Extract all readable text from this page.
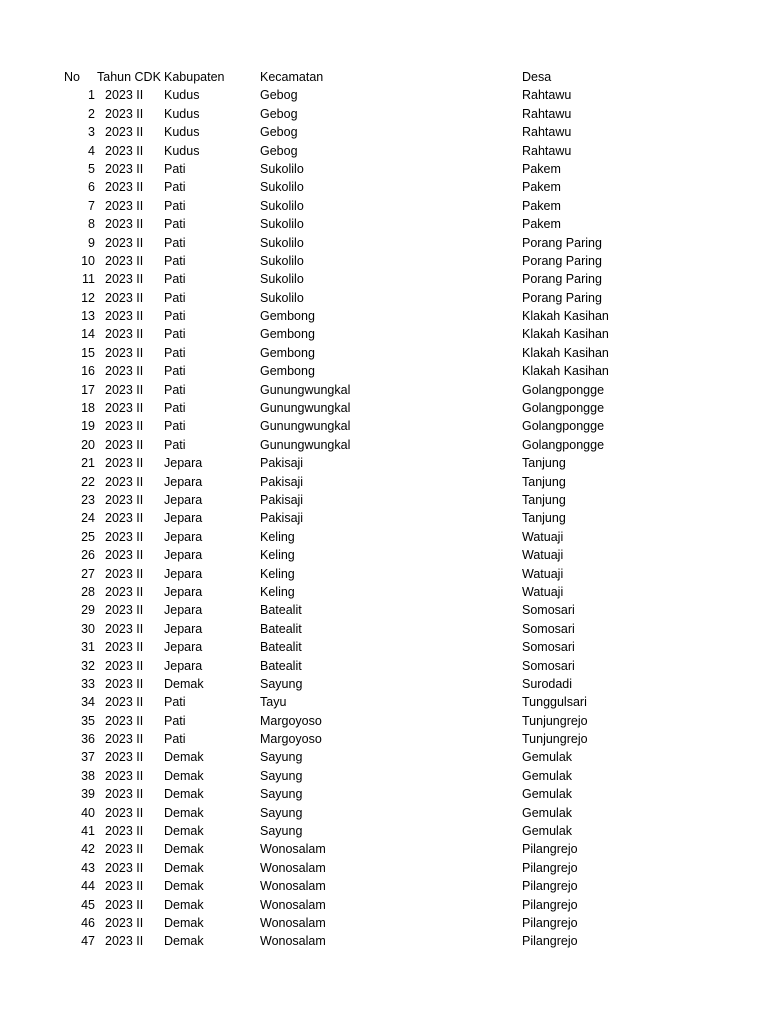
No Tahun CDK Kabupaten	Kecamatan	Desa
1 2023 II Kudus	Gebog	Rahtawu
2 2023 II Kudus	Gebog	Rahtawu
3 2023 II Kudus	Gebog	Rahtawu
4 2023 II Kudus	Gebog	Rahtawu
5 2023 II Pati	Sukolilo	Pakem
6 2023 II Pati	Sukolilo	Pakem
7 2023 II Pati	Sukolilo	Pakem
8 2023 II Pati	Sukolilo	Pakem
9 2023 II Pati	Sukolilo	Porang Paring
10 2023 II Pati	Sukolilo	Porang Paring
11 2023 II Pati	Sukolilo	Porang Paring
12 2023 II Pati	Sukolilo	Porang Paring
13 2023 II Pati	Gembong	Klakah Kasihan
14 2023 II Pati	Gembong	Klakah Kasihan
15 2023 II Pati	Gembong	Klakah Kasihan
16 2023 II Pati	Gembong	Klakah Kasihan
17 2023 II Pati	Gunungwungkal	Golangpongge
18 2023 II Pati	Gunungwungkal	Golangpongge
19 2023 II Pati	Gunungwungkal	Golangpongge
20 2023 II Pati	Gunungwungkal	Golangpongge
21 2023 II Jepara	Pakisaji	Tanjung
22 2023 II Jepara	Pakisaji	Tanjung
23 2023 II Jepara	Pakisaji	Tanjung
24 2023 II Jepara	Pakisaji	Tanjung
25 2023 II Jepara	Keling	Watuaji
26 2023 II Jepara	Keling	Watuaji
27 2023 II Jepara	Keling	Watuaji
28 2023 II Jepara	Keling	Watuaji
29 2023 II Jepara	Batealit	Somosari
30 2023 II Jepara	Batealit	Somosari
31 2023 II Jepara	Batealit	Somosari
32 2023 II Jepara	Batealit	Somosari
33 2023 II Demak	Sayung	Surodadi
34 2023 II Pati	Tayu	Tunggulsari
35 2023 II Pati	Margoyoso	Tunjungrejo
36 2023 II Pati	Margoyoso	Tunjungrejo
37 2023 II Demak	Sayung	Gemulak
38 2023 II Demak	Sayung	Gemulak
39 2023 II Demak	Sayung	Gemulak
40 2023 II Demak	Sayung	Gemulak
41 2023 II Demak	Sayung	Gemulak
42 2023 II Demak	Wonosalam	Pilangrejo
43 2023 II Demak	Wonosalam	Pilangrejo
44 2023 II Demak	Wonosalam	Pilangrejo
45 2023 II Demak	Wonosalam	Pilangrejo
46 2023 II Demak	Wonosalam	Pilangrejo
47 2023 II Demak	Wonosalam	Pilangrejo
